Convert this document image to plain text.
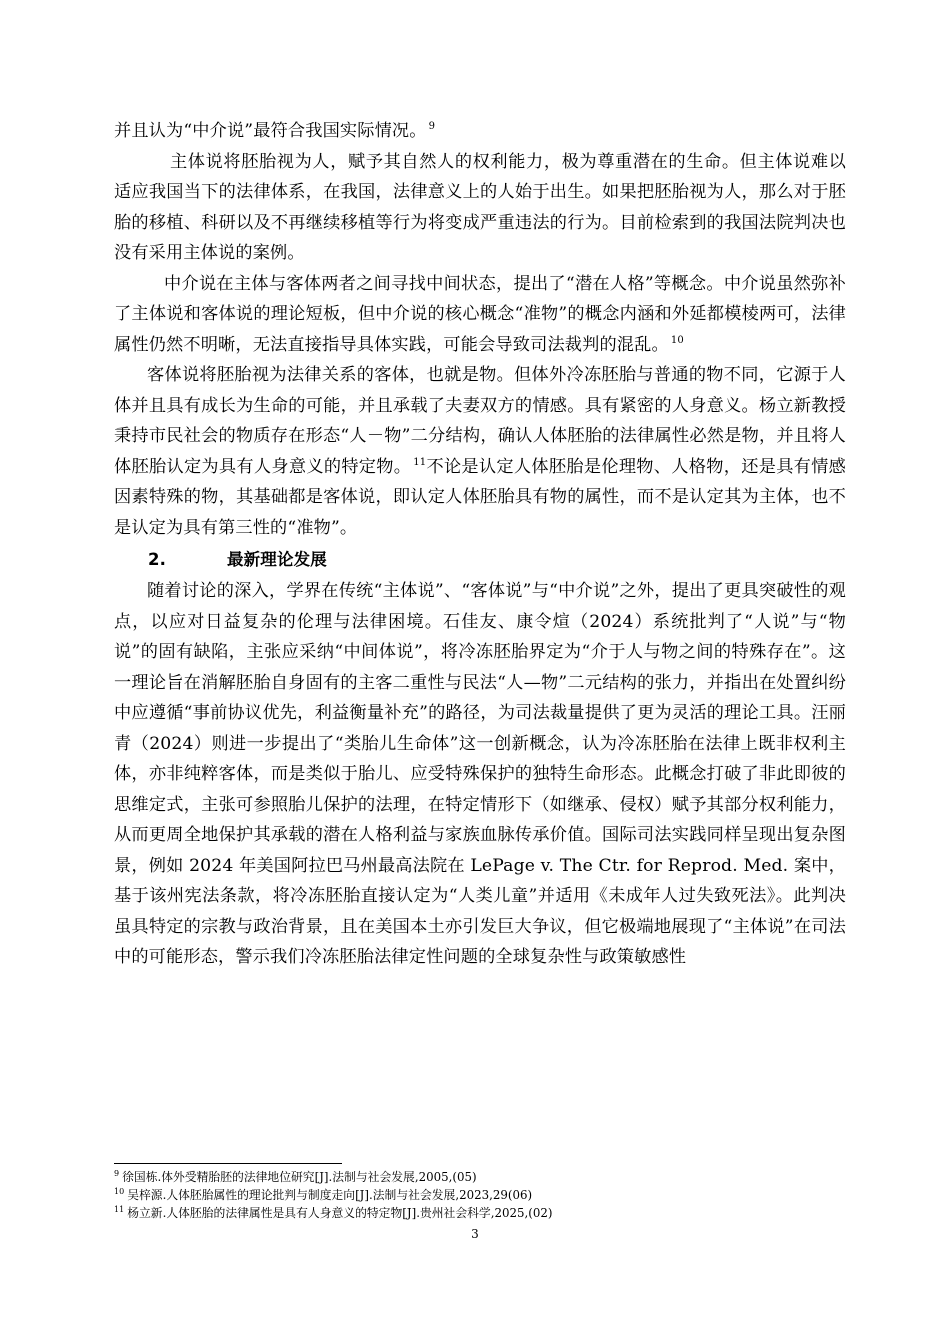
并且认为“中介说”最符合我国实际情况。 $^9$

主体说将胚胎视为人，赋予其自然人的权利能力，极为尊重潜在的生命。但主体说难以适应我国当下的法律体系，在我国，法律意义上的人始于出生。如果把胚胎视为人，那么对于胚胎的移植、科研以及不再继续移植等行为将变成严重违法的行为。目前检索到的我国法院判决也没有采用主体说的案例。

中介说在主体与客体两者之间寻找中间状态，提出了“潜在人格”等概念。中介说虽然弥补了主体说和客体说的理论短板，但中介说的核心概念“准物”的概念内涵和外延都模棱两可，法律属性仍然不明晰，无法直接指导具体实践，可能会导致司法裁判的混乱。 $^{10}$

客体说将胚胎视为法律关系的客体，也就是物。但体外冷冻胚胎与普通的物不同，它源于人体并且具有成长为生命的可能，并且承载了夫妻双方的情感。具有紧密的人身意义。杨立新教授秉持市民社会的物质存在形态“人－物”二分结构，确认人体胚胎的法律属性必然是物，并且将人体胚胎认定为具有人身意义的特定物。 $^{11}$不论是认定人体胚胎是伦理物、人格物，还是具有情感因素特殊的物，其基础都是客体说，即认定人体胚胎具有物的属性，而不是认定其为主体，也不是认定为具有第三性的“准物”。

2.	最新理论发展

随着讨论的深入，学界在传统“主体说”、“客体说”与“中介说”之外，提出了更具突破性的观点，以应对日益复杂的伦理与法律困境。石佳友、康令煊（2024）系统批判了“人说”与“物说”的固有缺陷，主张应采纳“中间体说”，将冷冻胚胎界定为“介于人与物之间的特殊存在”。这一理论旨在消解胚胎自身固有的主客二重性与民法“人—物”二元结构的张力，并指出在处置纠纷中应遵循“事前协议优先，利益衡量补充”的路径，为司法裁量提供了更为灵活的理论工具。汪丽青（2024）则进一步提出了“类胎儿生命体”这一创新概念，认为冷冻胚胎在法律上既非权利主体，亦非纯粹客体，而是类似于胎儿、应受特殊保护的独特生命形态。此概念打破了非此即彼的思维定式，主张可参照胎儿保护的法理，在特定情形下（如继承、侵权）赋予其部分权利能力，从而更周全地保护其承载的潜在人格利益与家族血脉传承价值。国际司法实践同样呈现出复杂图景，例如 2024 年美国阿拉巴马州最高法院在 LePage v. The Ctr. for Reprod. Med. 案中，基于该州宪法条款，将冷冻胚胎直接认定为“人类儿童”并适用《未成年人过失致死法》。此判决虽具特定的宗教与政治背景，且在美国本土亦引发巨大争议，但它极端地展现了“主体说”在司法中的可能形态，警示我们冷冻胚胎法律定性问题的全球复杂性与政策敏感性

$^9$ 徐国栋.体外受精胎胚的法律地位研究[J].法制与社会发展,2005,(05)

$^{10}$ 吴梓源.人体胚胎属性的理论批判与制度走向[J].法制与社会发展,2023,29(06)

$^{11}$ 杨立新.人体胚胎的法律属性是具有人身意义的特定物[J].贵州社会科学,2025,(02)

3
